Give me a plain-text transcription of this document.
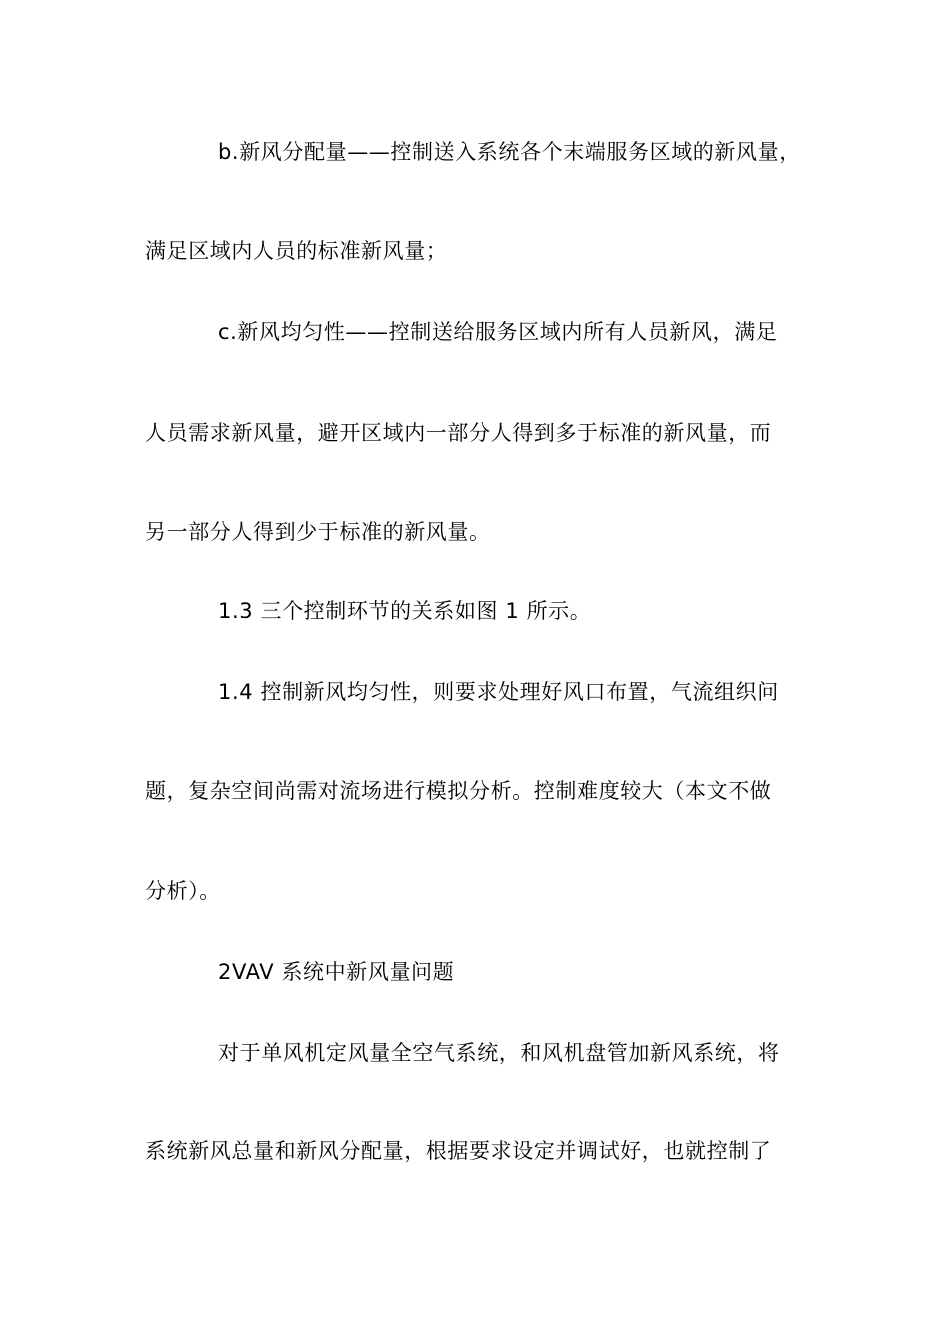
b.新风分配量——控制送入系统各个末端服务区域的新风量，
满足区域内人员的标准新风量；
c.新风均匀性——控制送给服务区域内所有人员新风，满足
人员需求新风量，避开区域内一部分人得到多于标准的新风量，而
另一部分人得到少于标准的新风量。
1.3 三个控制环节的关系如图 1 所示。
1.4 控制新风均匀性，则要求处理好风口布置，气流组织问
题，复杂空间尚需对流场进行模拟分析。控制难度较大（本文不做
分析）。
2VAV 系统中新风量问题
对于单风机定风量全空气系统，和风机盘管加新风系统，将
系统新风总量和新风分配量，根据要求设定并调试好，也就控制了
